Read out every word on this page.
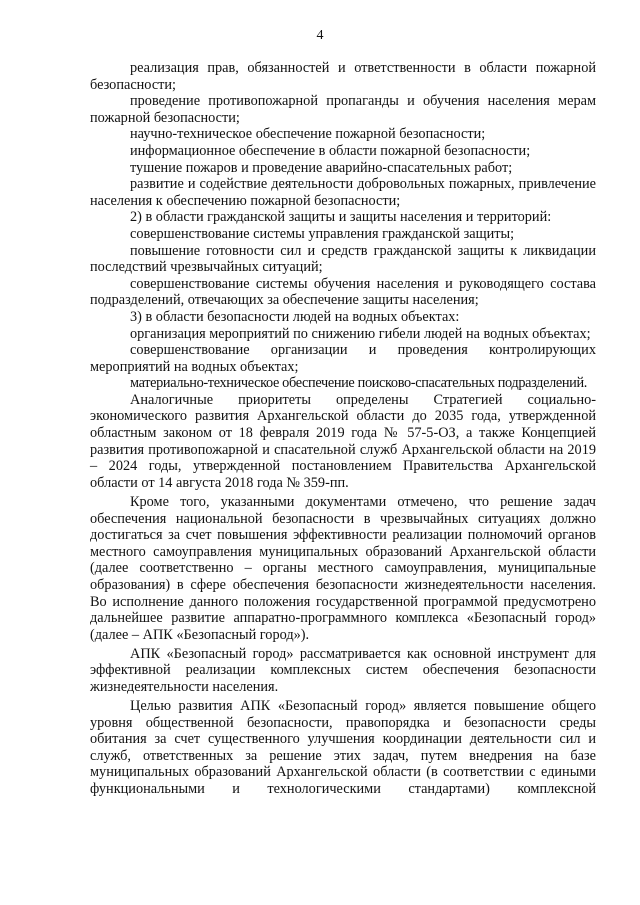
4

реализация прав, обязанностей и ответственности в области пожарной безопасности;

проведение противопожарной пропаганды и обучения населения мерам пожарной безопасности;

научно-техническое обеспечение пожарной безопасности;

информационное обеспечение в области пожарной безопасности;

тушение пожаров и проведение аварийно-спасательных работ;

развитие и содействие деятельности добровольных пожарных, привлечение населения к обеспечению пожарной безопасности;

2) в области гражданской защиты и защиты населения и территорий:

совершенствование системы управления гражданской защиты;

повышение готовности сил и средств гражданской защиты к ликвидации последствий чрезвычайных ситуаций;

совершенствование системы обучения населения и руководящего состава подразделений, отвечающих за обеспечение защиты населения;

3) в области безопасности людей на водных объектах:

организация мероприятий по снижению гибели людей на водных объектах;

совершенствование организации и проведения контролирующих мероприятий на водных объектах;

материально-техническое обеспечение поисково-спасательных подразделений.

Аналогичные приоритеты определены Стратегией социально-экономического развития Архангельской области до 2035 года, утвержденной областным законом от 18 февраля 2019 года № 57-5-ОЗ, а также Концепцией развития противопожарной и спасательной служб Архангельской области на 2019 – 2024 годы, утвержденной постановлением Правительства Архангельской области от 14 августа 2018 года № 359-пп.

Кроме того, указанными документами отмечено, что решение задач обеспечения национальной безопасности в чрезвычайных ситуациях должно достигаться за счет повышения эффективности реализации полномочий органов местного самоуправления муниципальных образований Архангельской области (далее соответственно – органы местного самоуправления, муниципальные образования) в сфере обеспечения безопасности жизнедеятельности населения. Во исполнение данного положения государственной программой предусмотрено дальнейшее развитие аппаратно-программного комплекса «Безопасный город» (далее – АПК «Безопасный город»).

АПК «Безопасный город» рассматривается как основной инструмент для эффективной реализации комплексных систем обеспечения безопасности жизнедеятельности населения.

Целью развития АПК «Безопасный город» является повышение общего уровня общественной безопасности, правопорядка и безопасности среды обитания за счет существенного улучшения координации деятельности сил и служб, ответственных за решение этих задач, путем внедрения на базе муниципальных образований Архангельской области (в соответствии с едиными функциональными и технологическими стандартами) комплексной
